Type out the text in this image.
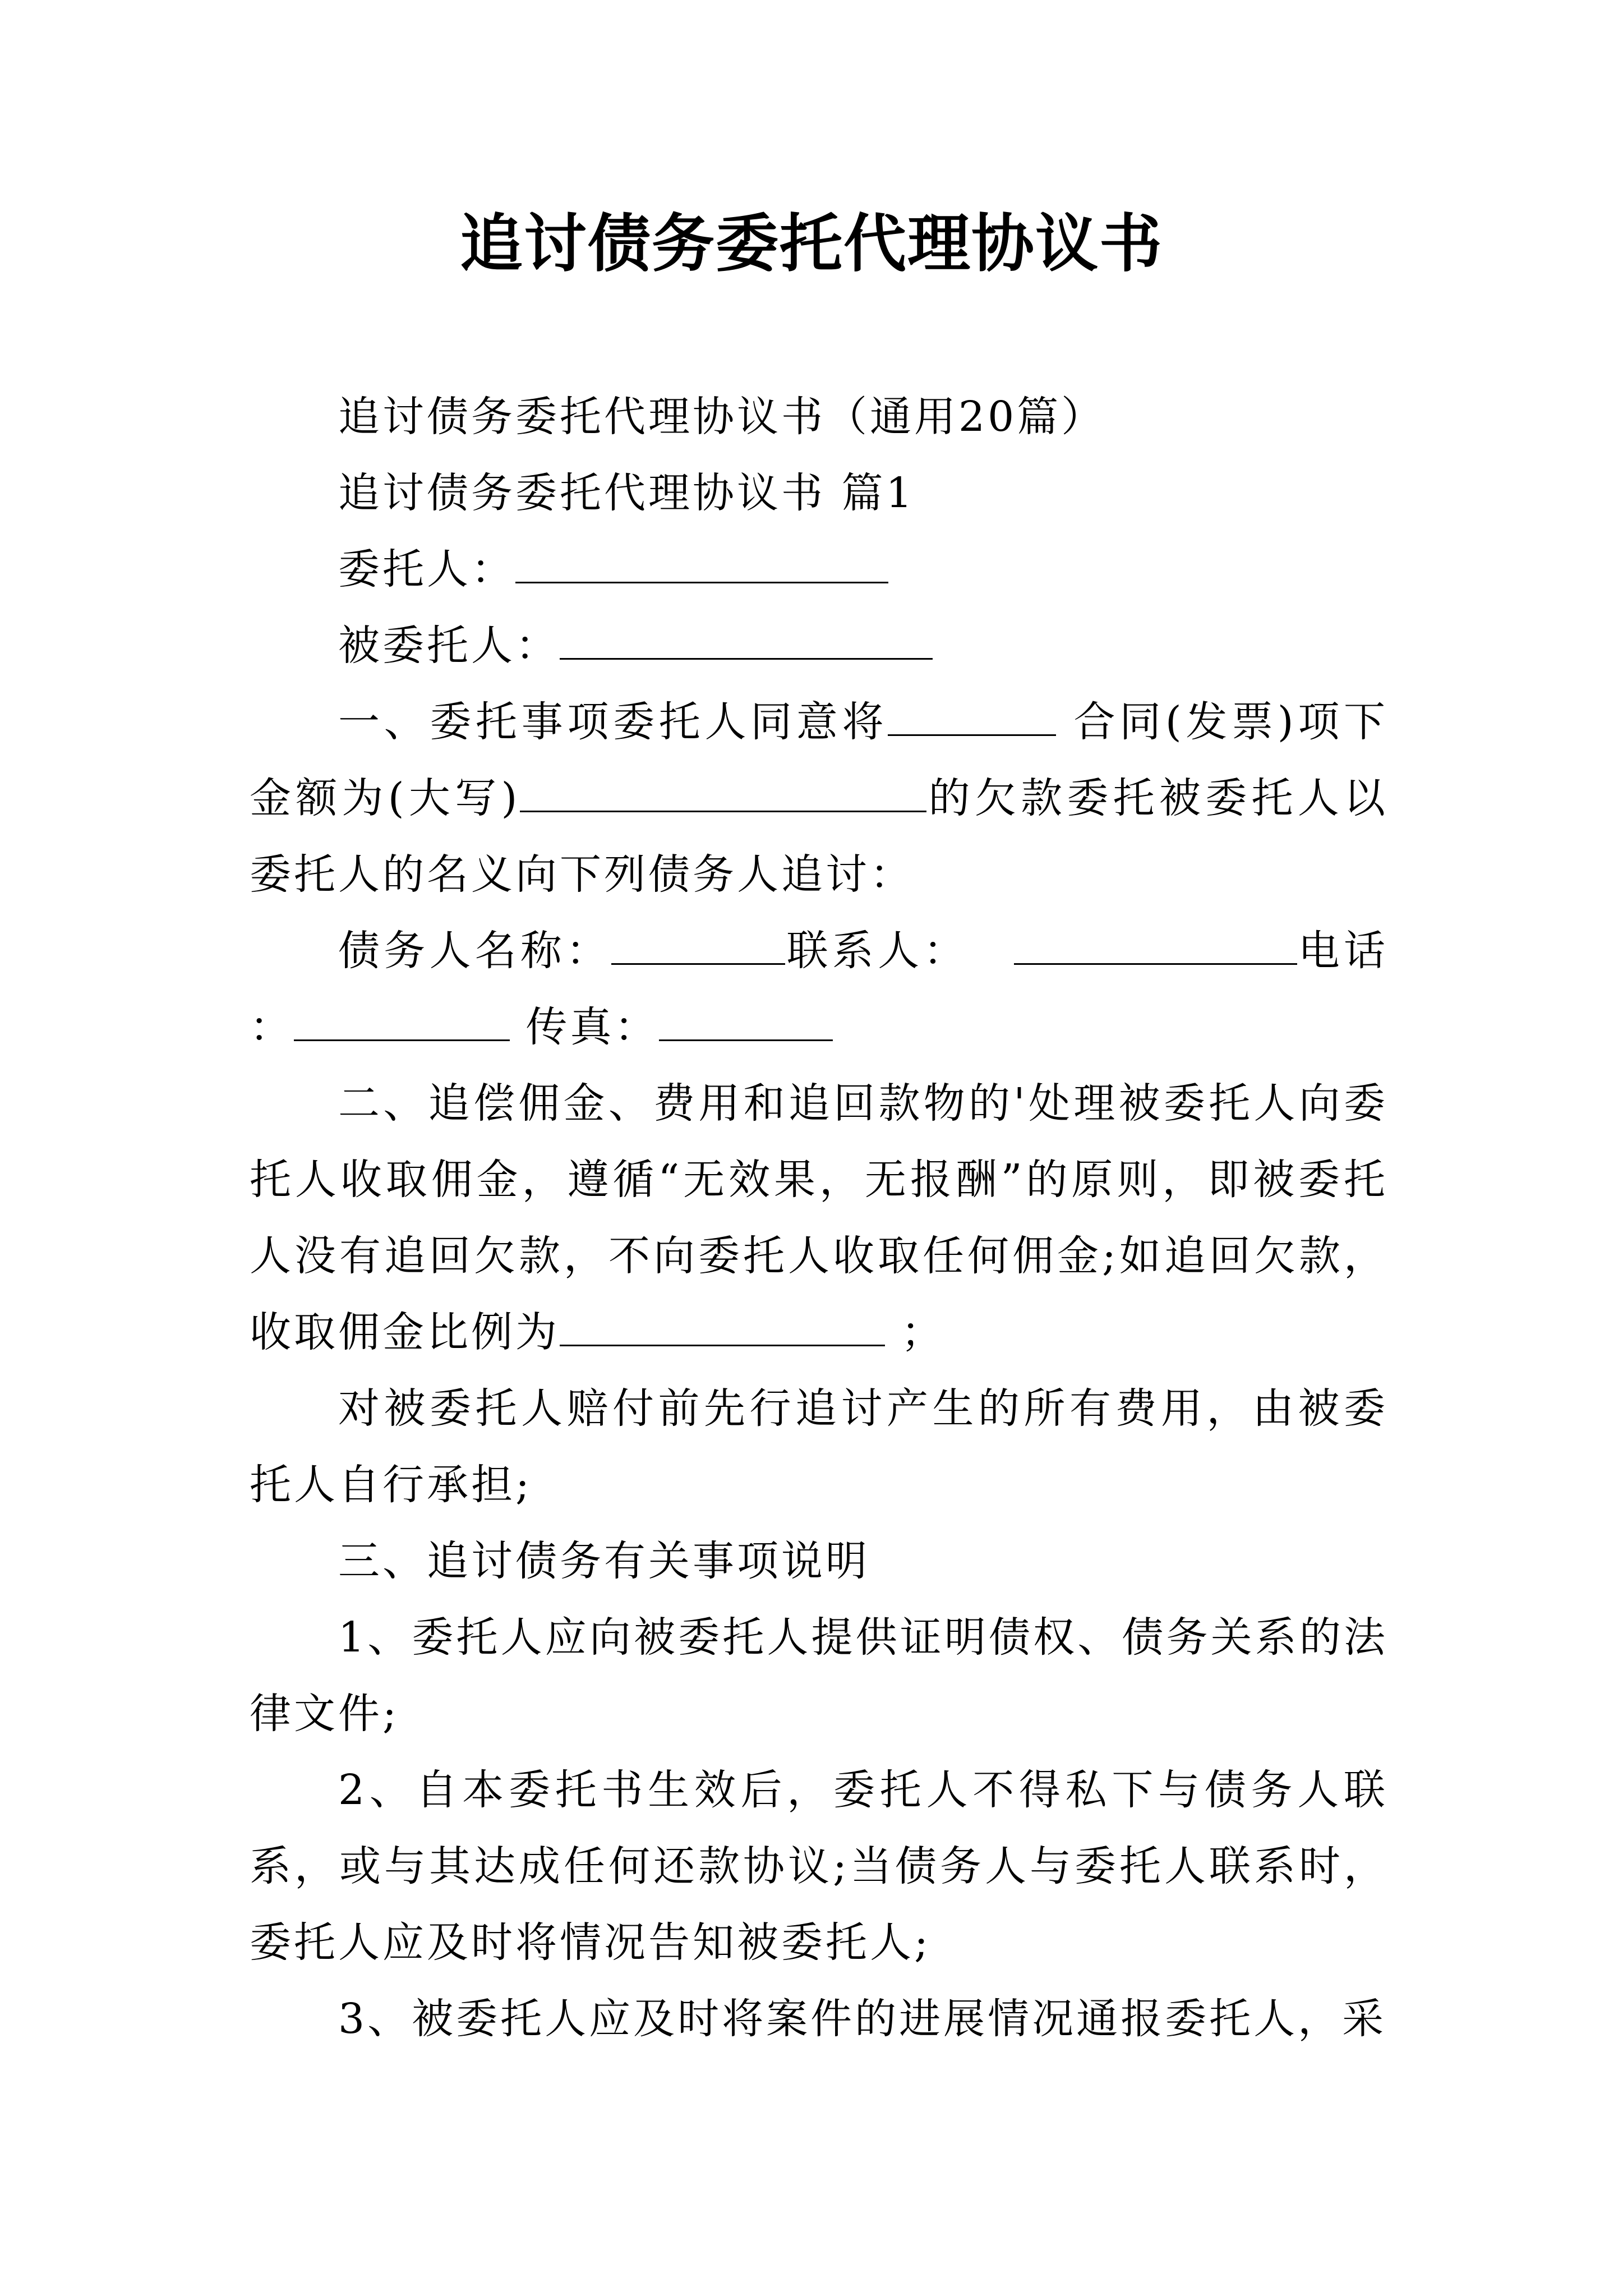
追讨债务委托代理协议书

追讨债务委托代理协议书（通用20篇）

追讨债务委托代理协议书 篇1

委托人：

被委托人：

一、委托事项委托人同意将	合同(发票)项下金额为(大写)	的欠款委托被委托人以委托人的名义向下列债务人追讨：

债务人名称：	联系人：	电话 ：	传真：

二、追偿佣金、费用和追回款物的'处理被委托人向委托人收取佣金，遵循“无效果，无报酬”的原则，即被委托人没有追回欠款，不向委托人收取任何佣金;如追回欠款，收取佣金比例为	；

对被委托人赔付前先行追讨产生的所有费用，由被委托人自行承担;

三、追讨债务有关事项说明

1、委托人应向被委托人提供证明债权、债务关系的法律文件;

2、自本委托书生效后，委托人不得私下与债务人联系，或与其达成任何还款协议;当债务人与委托人联系时，委托人应及时将情况告知被委托人;

3、被委托人应及时将案件的进展情况通报委托人，采
